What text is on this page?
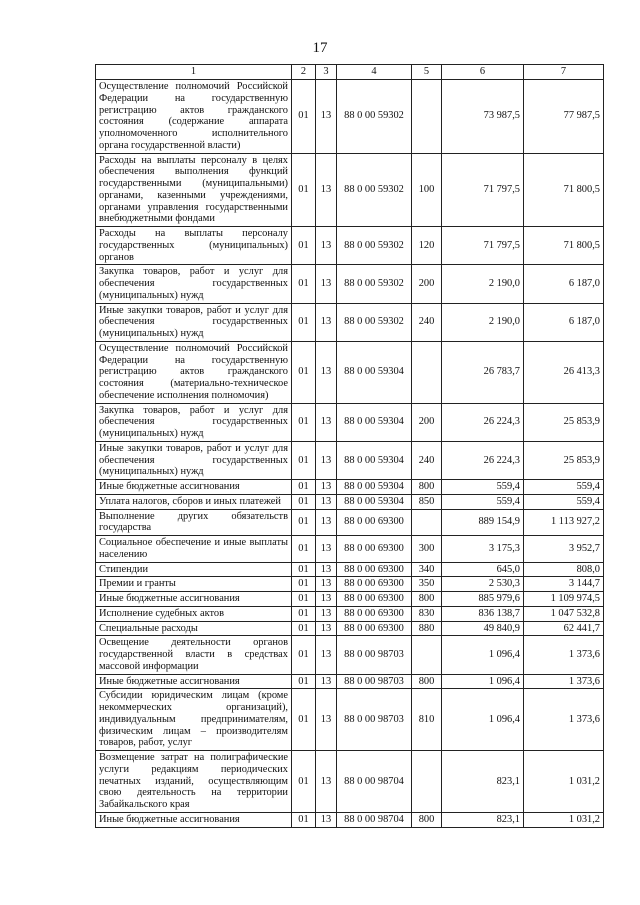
17
1	2	3	4	5	6	7
Осуществление полномочий Российской Федерации на государственную регистрацию актов гражданского состояния (содержание аппарата уполномоченного исполнительного органа государственной власти)	01	13	88 0 00 59302		73 987,5	77 987,5
Расходы на выплаты персоналу в целях обеспечения выполнения функций государственными (муниципальными) органами, казенными учреждениями, органами управления государственными внебюджетными фондами	01	13	88 0 00 59302	100	71 797,5	71 800,5
Расходы на выплаты персоналу государственных (муниципальных) органов	01	13	88 0 00 59302	120	71 797,5	71 800,5
Закупка товаров, работ и услуг для обеспечения государственных (муниципальных) нужд	01	13	88 0 00 59302	200	2 190,0	6 187,0
Иные закупки товаров, работ и услуг для обеспечения государственных (муниципальных) нужд	01	13	88 0 00 59302	240	2 190,0	6 187,0
Осуществление полномочий Российской Федерации на государственную регистрацию актов гражданского состояния (материально-техническое обеспечение исполнения полномочия)	01	13	88 0 00 59304		26 783,7	26 413,3
Закупка товаров, работ и услуг для обеспечения государственных (муниципальных) нужд	01	13	88 0 00 59304	200	26 224,3	25 853,9
Иные закупки товаров, работ и услуг для обеспечения государственных (муниципальных) нужд	01	13	88 0 00 59304	240	26 224,3	25 853,9
Иные бюджетные ассигнования	01	13	88 0 00 59304	800	559,4	559,4
Уплата налогов, сборов и иных платежей	01	13	88 0 00 59304	850	559,4	559,4
Выполнение других обязательств государства	01	13	88 0 00 69300		889 154,9	1 113 927,2
Социальное обеспечение и иные выплаты населению	01	13	88 0 00 69300	300	3 175,3	3 952,7
Стипендии	01	13	88 0 00 69300	340	645,0	808,0
Премии и гранты	01	13	88 0 00 69300	350	2 530,3	3 144,7
Иные бюджетные ассигнования	01	13	88 0 00 69300	800	885 979,6	1 109 974,5
Исполнение судебных актов	01	13	88 0 00 69300	830	836 138,7	1 047 532,8
Специальные расходы	01	13	88 0 00 69300	880	49 840,9	62 441,7
Освещение деятельности органов государственной власти в средствах массовой информации	01	13	88 0 00 98703		1 096,4	1 373,6
Иные бюджетные ассигнования	01	13	88 0 00 98703	800	1 096,4	1 373,6
Субсидии юридическим лицам (кроме некоммерческих организаций), индивидуальным предпринимателям, физическим лицам – производителям товаров, работ, услуг	01	13	88 0 00 98703	810	1 096,4	1 373,6
Возмещение затрат на полиграфические услуги редакциям периодических печатных изданий, осуществляющим свою деятельность на территории Забайкальского края	01	13	88 0 00 98704		823,1	1 031,2
Иные бюджетные ассигнования	01	13	88 0 00 98704	800	823,1	1 031,2
